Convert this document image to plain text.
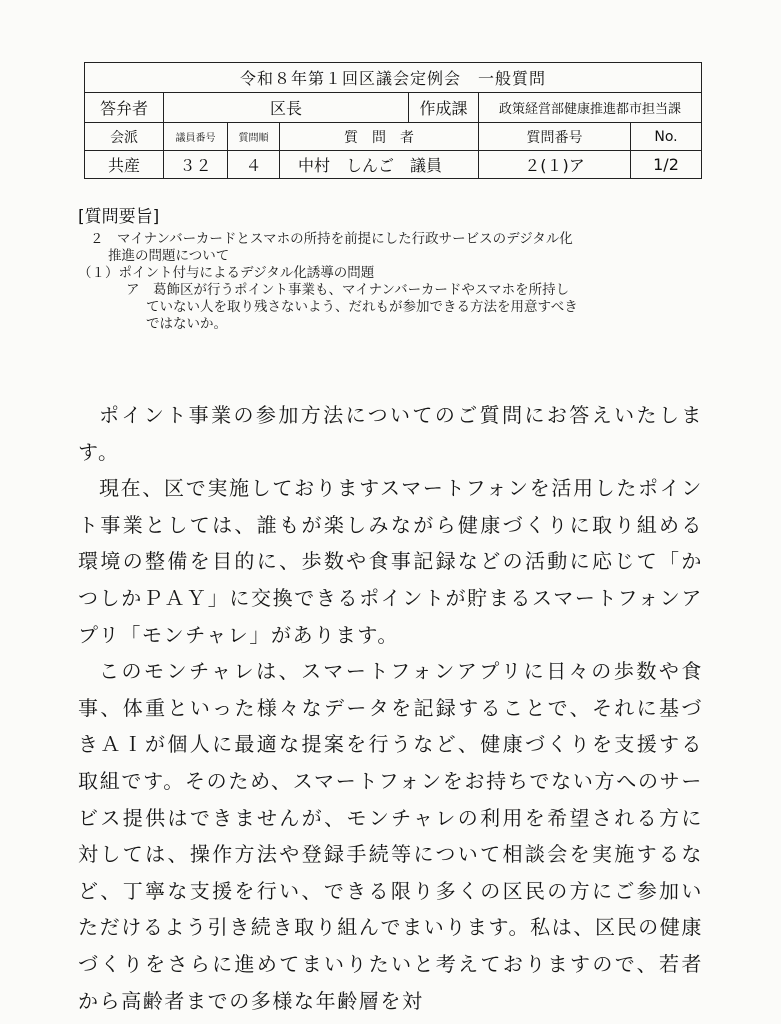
令和８年第１回区議会定例会　一般質問						
答弁者	区長			作成課	政策経営部健康推進都市担当課	
会派	議員番号	質問順	質　問　者		質問番号	No.
共産	３２	４	中村　しんご　議員		２(１)ア	1/2
[質問要旨]
２　マイナンバーカードとスマホの所持を前提にした行政サービスのデジタル化
推進の問題について
（１）ポイント付与によるデジタル化誘導の問題
ア　葛飾区が行うポイント事業も、マイナンバーカードやスマホを所持し
ていない人を取り残さないよう、だれもが参加できる方法を用意すべき
ではないか。

ポイント事業の参加方法についてのご質問にお答えいたします。

現在、区で実施しておりますスマートフォンを活用したポイント事業としては、誰もが楽しみながら健康づくりに取り組める環境の整備を目的に、歩数や食事記録などの活動に応じて「かつしかＰＡＹ」に交換できるポイントが貯まるスマートフォンアプリ「モンチャレ」があります。

このモンチャレは、スマートフォンアプリに日々の歩数や食事、体重といった様々なデータを記録することで、それに基づきＡＩが個人に最適な提案を行うなど、健康づくりを支援する取組です。そのため、スマートフォンをお持ちでない方へのサービス提供はできませんが、モンチャレの利用を希望される方に対しては、操作方法や登録手続等について相談会を実施するなど、丁寧な支援を行い、できる限り多くの区民の方にご参加いただけるよう引き続き取り組んでまいります。私は、区民の健康づくりをさらに進めてまいりたいと考えておりますので、若者から高齢者までの多様な年齢層を対
